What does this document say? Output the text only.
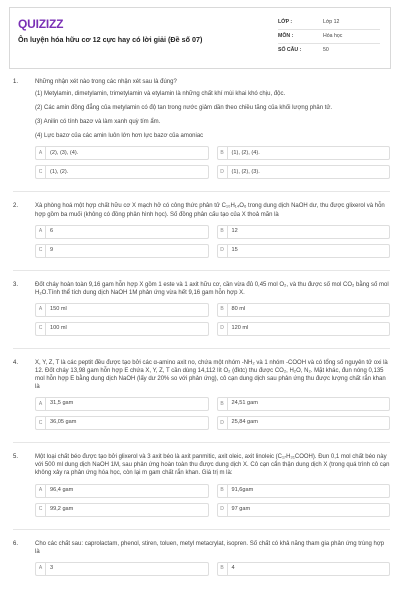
QUIZIZZ
Ôn luyện hóa hữu cơ 12 cực hay có lời giải (Đề số 07)
LỚP :	Lớp 12
MÔN :	Hóa học
SỐ CÂU :	50
1.	Những nhận xét nào trong các nhận xét sau là đúng?
(1) Metylamin, dimetylamin, trimetylamin và etylamin là những chất khí mùi khai khó chịu, độc.
(2) Các amin đồng đẳng của metylamin có độ tan trong nước giảm dần theo chiều tăng của khối lượng phân tử.
(3) Anilin có tính bazơ và làm xanh quỳ tím ẩm.
(4) Lực bazơ của các amin luôn lớn hơn lực bazơ của amoniac
A	(2), (3), (4).	B	(1), (2), (4).
C	(1), (2).	D	(1), (2), (3).
2.	Xà phòng hoá một hợp chất hữu cơ X mạch hở có công thức phân tử C₁₀H₁₄O₆ trong dung dịch NaOH dư, thu được glixerol và hỗn hợp gồm ba muối (không có đồng phân hình học). Số đồng phân cấu tạo của X thoả mãn là
A	6	B	12
C	9	D	15
3.	Đốt cháy hoàn toàn 9,16 gam hỗn hợp X gồm 1 este và 1 axit hữu cơ, cần vừa đủ 0,45 mol O₂, và thu được số mol CO₂ bằng số mol H₂O.Tính thể tích dung dịch NaOH 1M phản ứng vừa hết 9,16 gam hỗn hợp X.
A	150 ml	B	80 ml
C	100 ml	D	120 ml
4.	X, Y, Z, T là các peptit đều được tạo bởi các α-amino axit no, chứa một nhóm -NH₂ và 1 nhóm -COOH và có tổng số nguyên tử oxi là 12. Đốt cháy 13,98 gam hỗn hợp E chứa X, Y, Z, T cần dùng 14,112 lít O₂ (đktc) thu được CO₂, H₂O, N₂. Mặt khác, đun nóng 0,135 mol hỗn hợp E bằng dung dịch NaOH (lấy dư 20% so với phản ứng), cô cạn dung dịch sau phản ứng thu được lượng chất rắn khan là
A	31,5 gam	B	24,51 gam
C	36,05 gam	D	25,84 gam
5.	Một loại chất béo được tạo bởi glixerol và 3 axit béo là axit panmitic, axit oleic, axit linoleic (C₁₇H₃₁COOH). Đun 0,1 mol chất béo này với 500 ml dung dịch NaOH 1M, sau phản ứng hoàn toàn thu được dung dịch X. Cô cạn cẩn thận dung dịch X (trong quá trình cô cạn không xảy ra phản ứng hóa học, còn lại m gam chất rắn khan. Giá trị m là:
A	96,4 gam	B	91,6gam
C	99,2 gam	D	97 gam
6.	Cho các chất sau: caprolactam, phenol, stiren, toluen, metyl metacrylat, isopren. Số chất có khả năng tham gia phản ứng trùng hợp là
A	3	B	4
